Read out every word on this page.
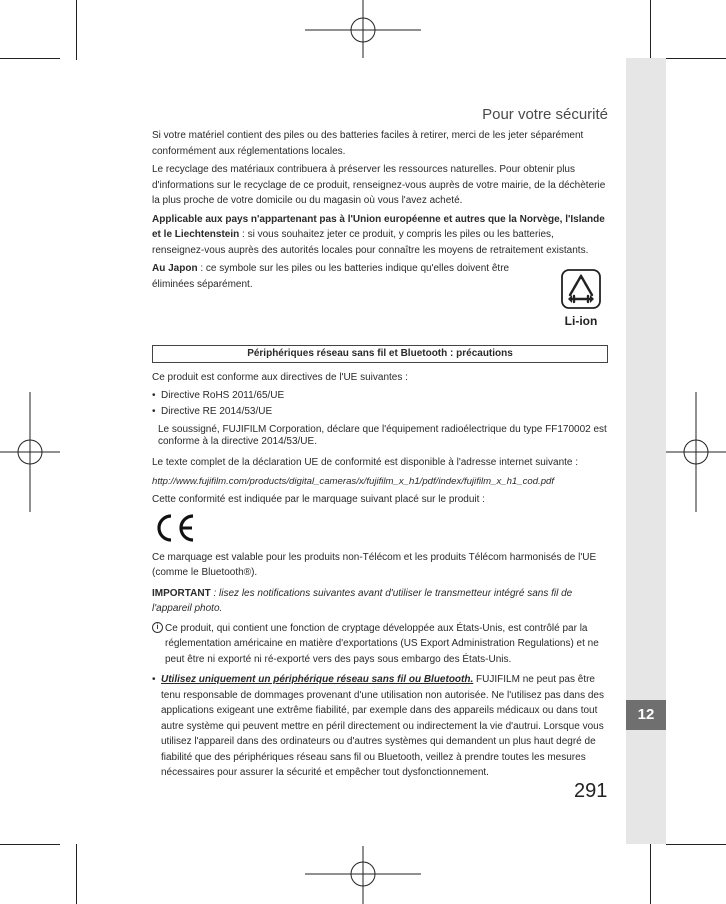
12
Pour votre sécurité

Si votre matériel contient des piles ou des batteries faciles à retirer, merci de les jeter séparément conformément aux réglementations locales.

Le recyclage des matériaux contribuera à préserver les ressources naturelles. Pour obtenir plus d'informations sur le recyclage de ce produit, renseignez-vous auprès de votre mairie, de la déchèterie la plus proche de votre domicile ou du magasin où vous l'avez acheté.

Applicable aux pays n'appartenant pas à l'Union européenne et autres que la Norvège, l'Islande et le Liechtenstein : si vous souhaitez jeter ce produit, y compris les piles ou les batteries, renseignez-vous auprès des autorités locales pour connaître les moyens de retraitement existants.

Au Japon : ce symbole sur les piles ou les batteries indique qu'elles doivent être éliminées séparément.

Li-ion
Périphériques réseau sans fil et Bluetooth : précautions

Ce produit est conforme aux directives de l'UE suivantes :

• Directive RoHS 2011/65/UE
• Directive RE 2014/53/UE

Le soussigné, FUJIFILM Corporation, déclare que l'équipement radioélectrique du type FF170002 est conforme à la directive 2014/53/UE.

Le texte complet de la déclaration UE de conformité est disponible à l'adresse internet suivante :

http://www.fujifilm.com/products/digital_cameras/x/fujifilm_x_h1/pdf/index/fujifilm_x_h1_cod.pdf

Cette conformité est indiquée par le marquage suivant placé sur le produit :

Ce marquage est valable pour les produits non-Télécom et les produits Télécom harmonisés de l'UE (comme le Bluetooth®).

IMPORTANT : lisez les notifications suivantes avant d'utiliser le transmetteur intégré sans fil de l'appareil photo.

i Ce produit, qui contient une fonction de cryptage développée aux États-Unis, est contrôlé par la réglementation américaine en matière d'exportations (US Export Administration Regulations) et ne peut être ni exporté ni ré-exporté vers des pays sous embargo des États-Unis.
• Utilisez uniquement un périphérique réseau sans fil ou Bluetooth. FUJIFILM ne peut pas être tenu responsable de dommages provenant d'une utilisation non autorisée. Ne l'utilisez pas dans des applications exigeant une extrême fiabilité, par exemple dans des appareils médicaux ou dans tout autre système qui peuvent mettre en péril directement ou indirectement la vie d'autrui. Lorsque vous utilisez l'appareil dans des ordinateurs ou d'autres systèmes qui demandent un plus haut degré de fiabilité que des périphériques réseau sans fil ou Bluetooth, veillez à prendre toutes les mesures nécessaires pour assurer la sécurité et empêcher tout dysfonctionnement.
291
